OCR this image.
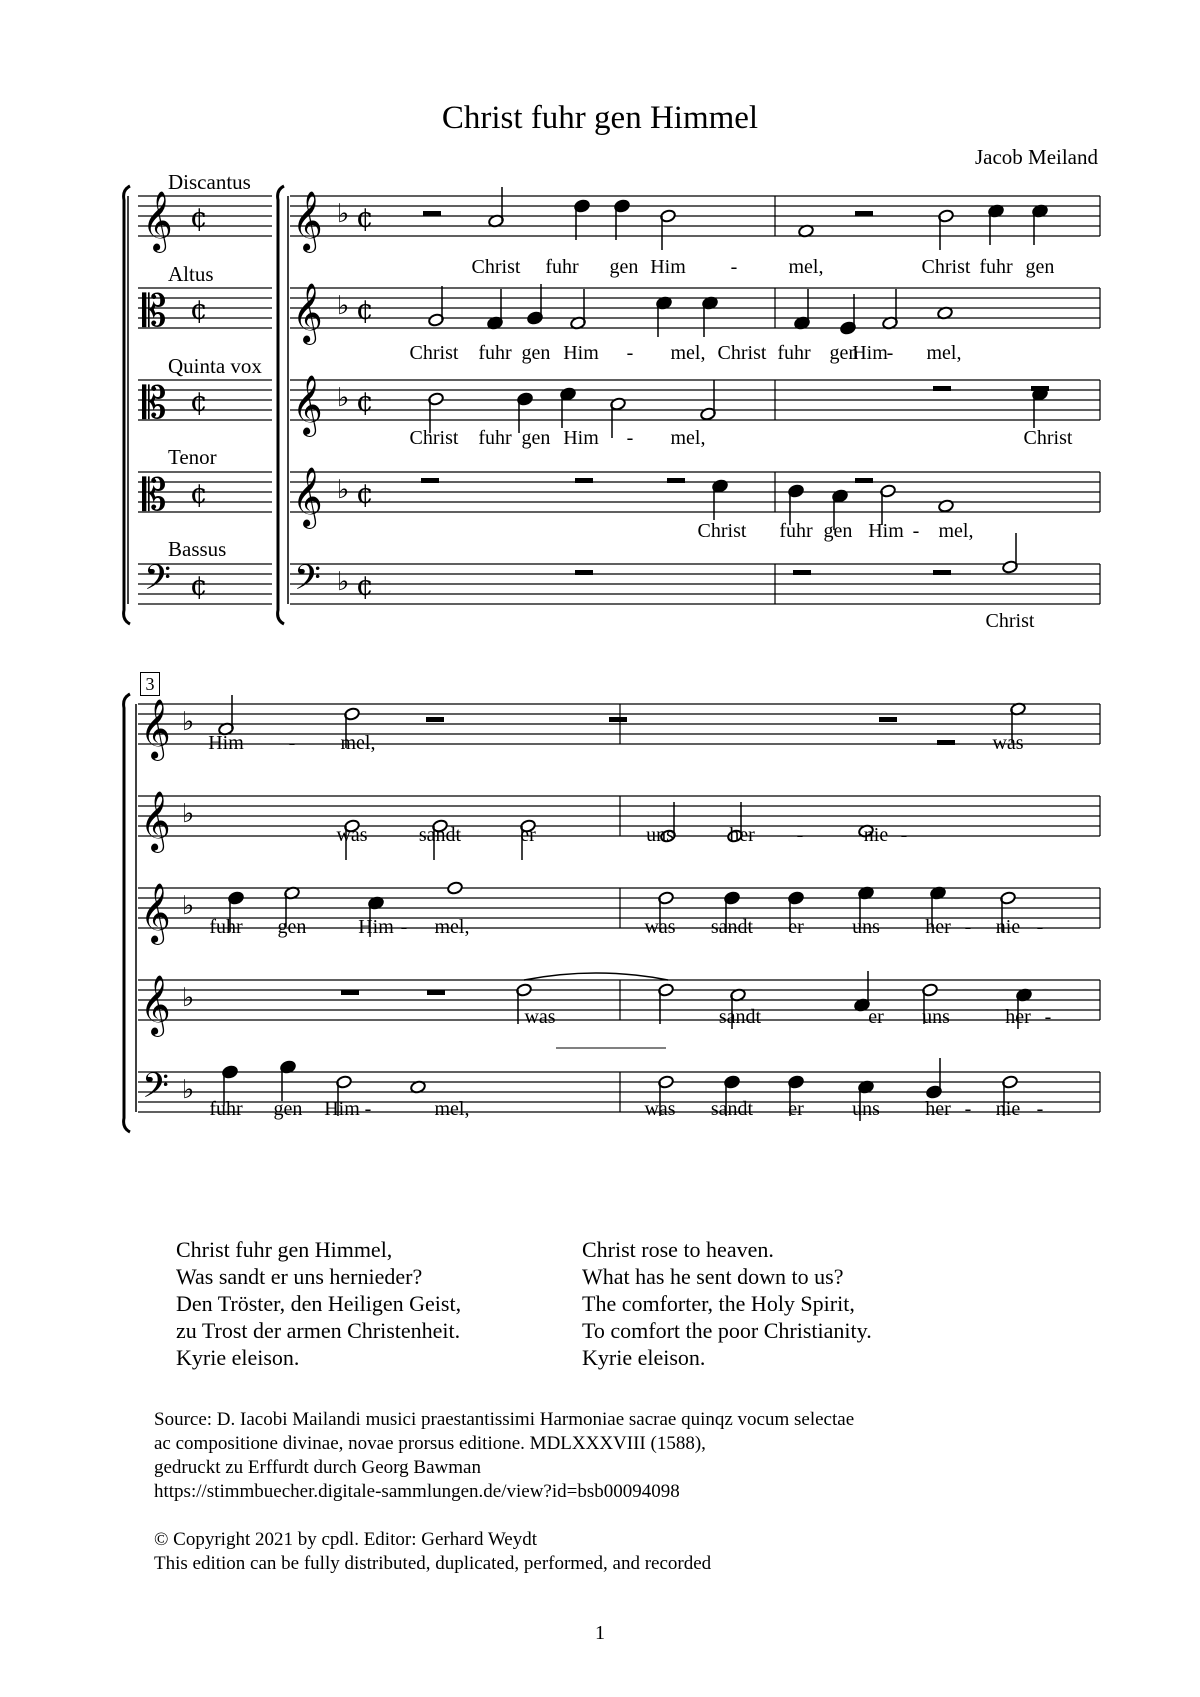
Christ fuhr gen Himmel
Jacob Meiland
𝄞 ♭ ¢
𝄞 ¢
𝄞 ♭ ¢
𝄡 ¢
𝄞 ♭ ¢
𝄡 ¢
𝄞 ♭ ¢
𝄡 ¢
𝄢 ♭ ¢
𝄢 ¢
𝄞 ♭
𝄞 ♭
𝄞 ♭
𝄞 ♭
𝄢 ♭
Discantus
Altus
Quinta vox
Tenor
Bassus
3
Christ fuhr gen Him -	mel,	Christ fuhr gen
Christ fuhr gen Him - mel, Christ fuhr gen
Him
- mel,
Christ fuhr gen Him - mel,	Christ
Christ fuhr gen Him - mel,
Christ
Him - mel,	was
was	sandt	er	uns	her -	nie -
fuhr gen	Him - mel,	was sandt er uns her - nie -
was	sandt	er uns	her -
fuhr gen Him -	mel,	was sandt er uns her - nie -
Christ fuhr gen Himmel,
Was sandt er uns hernieder?
Den Tröster, den Heiligen Geist,
zu Trost der armen Christenheit.
Kyrie eleison.
Christ rose to heaven.
What has he sent down to us?
The comforter, the Holy Spirit,
To comfort the poor Christianity.
Kyrie eleison.
Source: D. Iacobi Mailandi musici praestantissimi Harmoniae sacrae quinqz vocum selectae
ac compositione divinae, novae prorsus editione. MDLXXXVIII (1588),
gedruckt zu Erffurdt durch Georg Bawman
https://stimmbuecher.digitale-sammlungen.de/view?id=bsb00094098
© Copyright 2021 by cpdl. Editor: Gerhard Weydt
This edition can be fully distributed, duplicated, performed, and recorded
1
